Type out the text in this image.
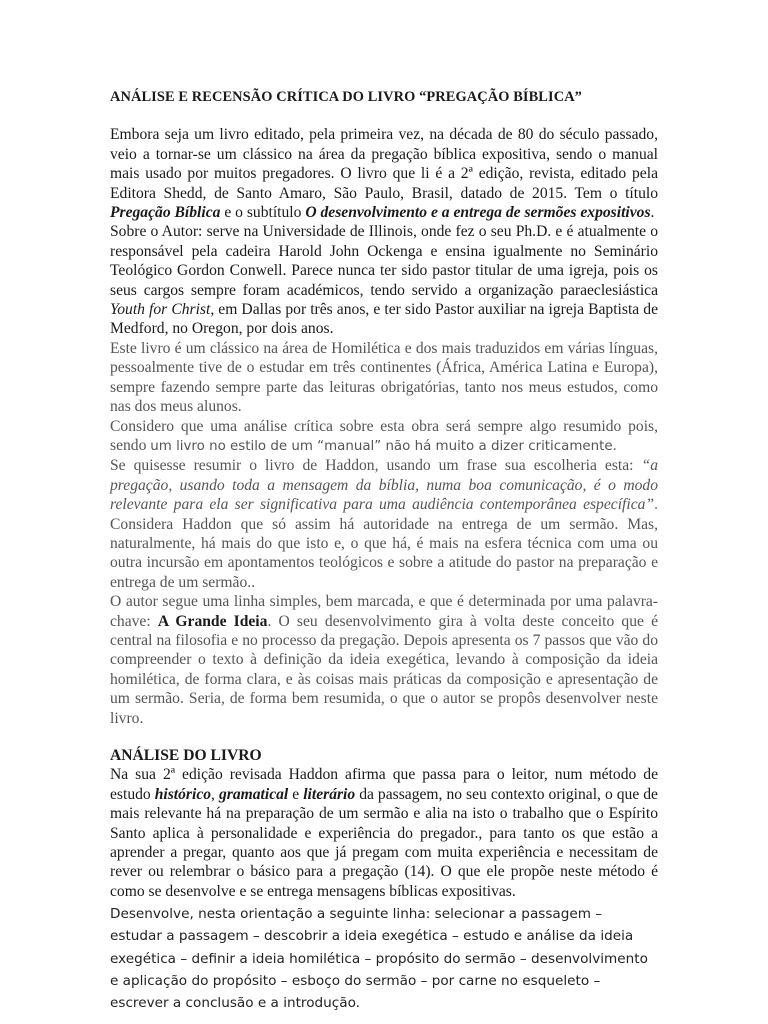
ANÁLISE E RECENSÃO CRÍTICA DO LIVRO “PREGAÇÃO BÍBLICA”

Embora seja um livro editado, pela primeira vez, na década de 80 do século passado, veio a tornar-se um clássico na área da pregação bíblica expositiva, sendo o manual mais usado por muitos pregadores. O livro que li é a 2ª edição, revista, editado pela Editora Shedd, de Santo Amaro, São Paulo, Brasil, datado de 2015. Tem o título Pregação Bíblica e o subtítulo O desenvolvimento e a entrega de sermões expositivos.

Sobre o Autor: serve na Universidade de Illinois, onde fez o seu Ph.D. e é atualmente o responsável pela cadeira Harold John Ockenga e ensina igualmente no Seminário Teológico Gordon Conwell. Parece nunca ter sido pastor titular de uma igreja, pois os seus cargos sempre foram académicos, tendo servido a organização paraeclesiástica Youth for Christ, em Dallas por três anos, e ter sido Pastor auxiliar na igreja Baptista de Medford, no Oregon, por dois anos.

Este livro é um clássico na área de Homilética e dos mais traduzidos em várias línguas, pessoalmente tive de o estudar em três continentes (África, América Latina e Europa), sempre fazendo sempre parte das leituras obrigatórias, tanto nos meus estudos, como nas dos meus alunos.

Considero que uma análise crítica sobre esta obra será sempre algo resumido pois, sendo um livro no estilo de um “manual” não há muito a dizer criticamente.

Se quisesse resumir o livro de Haddon, usando um frase sua escolheria esta: “a pregação, usando toda a mensagem da bíblia, numa boa comunicação, é o modo relevante para ela ser significativa para uma audiência contemporânea específica”. Considera Haddon que só assim há autoridade na entrega de um sermão. Mas, naturalmente, há mais do que isto e, o que há, é mais na esfera técnica com uma ou outra incursão em apontamentos teológicos e sobre a atitude do pastor na preparação e entrega de um sermão..

O autor segue uma linha simples, bem marcada, e que é determinada por uma palavra-chave: A Grande Ideia. O seu desenvolvimento gira à volta deste conceito que é central na filosofia e no processo da pregação. Depois apresenta os 7 passos que vão do compreender o texto à definição da ideia exegética, levando à composição da ideia homilética, de forma clara, e às coisas mais práticas da composição e apresentação de um sermão. Seria, de forma bem resumida, o que o autor se propôs desenvolver neste livro.

ANÁLISE DO LIVRO

Na sua 2ª edição revisada Haddon afirma que passa para o leitor, num método de estudo histórico, gramatical e literário da passagem, no seu contexto original, o que de mais relevante há na preparação de um sermão e alia na isto o trabalho que o Espírito Santo aplica à personalidade e experiência do pregador., para tanto os que estão a aprender a pregar, quanto aos que já pregam com muita experiência e necessitam de rever ou relembrar o básico para a pregação (14). O que ele propõe neste método é como se desenvolve e se entrega mensagens bíblicas expositivas.

Desenvolve, nesta orientação a seguinte linha: selecionar a passagem – estudar a passagem – descobrir a ideia exegética – estudo e análise da ideia exegética – definir a ideia homilética – propósito do sermão – desenvolvimento e aplicação do propósito – esboço do sermão – por carne no esqueleto – escrever a conclusão e a introdução.
